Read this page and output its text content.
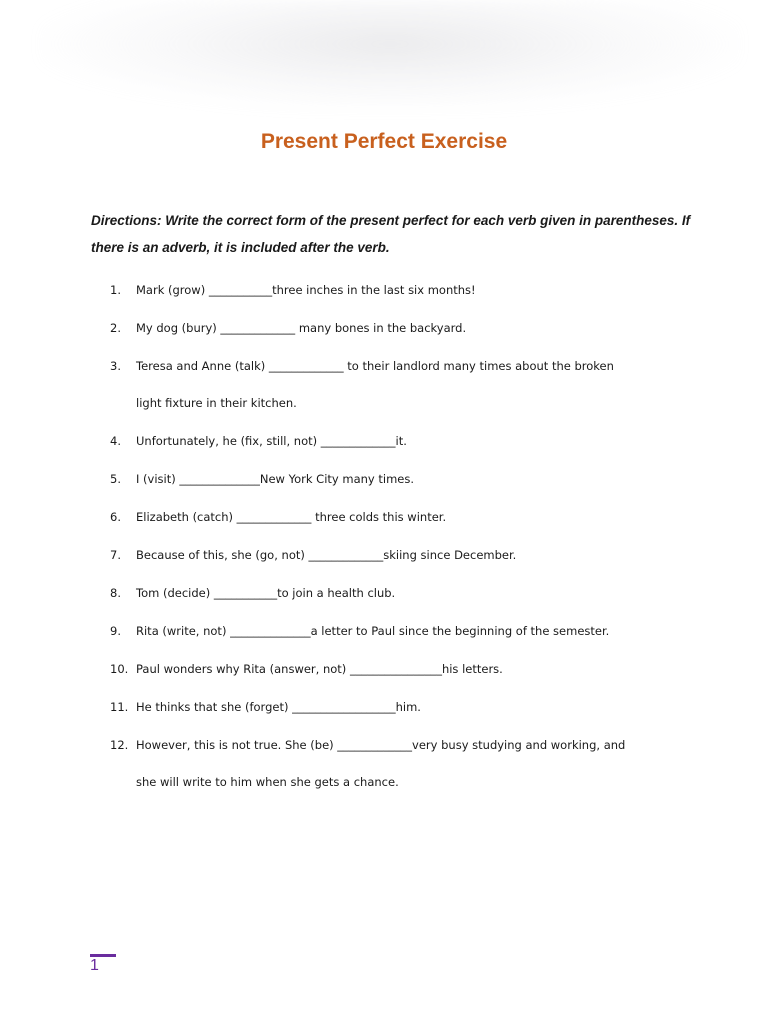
Present Perfect Exercise

Directions: Write the correct form of the present perfect for each verb given in parentheses. If there is an adverb, it is included after the verb.

1.	Mark (grow) ___________three inches in the last six months!
2.	My dog (bury) _____________ many bones in the backyard.
3.	Teresa and Anne (talk) _____________ to their landlord many times about the broken
light fixture in their kitchen.
4.	Unfortunately, he (fix, still, not) _____________it.
5.	I (visit) ______________New York City many times.
6.	Elizabeth (catch) _____________ three colds this winter.
7.	Because of this, she (go, not) _____________skiing since December.
8.	Tom (decide) ___________to join a health club.
9.	Rita (write, not) ______________a letter to Paul since the beginning of the semester.
10. Paul wonders why Rita (answer, not) ________________his letters.
11. He thinks that she (forget) __________________him.
12. However, this is not true. She (be) _____________very busy studying and working, and
she will write to him when she gets a chance.
1
